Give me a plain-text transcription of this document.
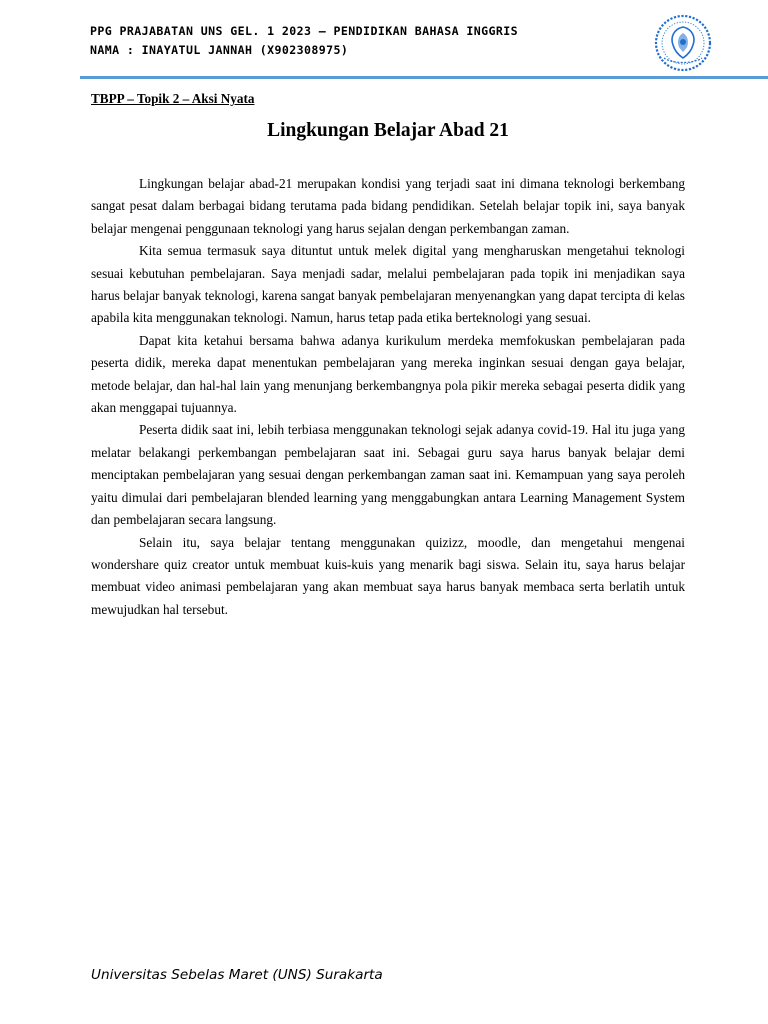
PPG PRAJABATAN UNS GEL. 1 2023 – PENDIDIKAN BAHASA INGGRIS
NAMA : INAYATUL JANNAH (X902308975)
TBPP – Topik 2 – Aksi Nyata
Lingkungan Belajar Abad 21

Lingkungan belajar abad-21 merupakan kondisi yang terjadi saat ini dimana teknologi berkembang sangat pesat dalam berbagai bidang terutama pada bidang pendidikan. Setelah belajar topik ini, saya banyak belajar mengenai penggunaan teknologi yang harus sejalan dengan perkembangan zaman.

Kita semua termasuk saya dituntut untuk melek digital yang mengharuskan mengetahui teknologi sesuai kebutuhan pembelajaran. Saya menjadi sadar, melalui pembelajaran pada topik ini menjadikan saya harus belajar banyak teknologi, karena sangat banyak pembelajaran menyenangkan yang dapat tercipta di kelas apabila kita menggunakan teknologi. Namun, harus tetap pada etika berteknologi yang sesuai.

Dapat kita ketahui bersama bahwa adanya kurikulum merdeka memfokuskan pembelajaran pada peserta didik, mereka dapat menentukan pembelajaran yang mereka inginkan sesuai dengan gaya belajar, metode belajar, dan hal-hal lain yang menunjang berkembangnya pola pikir mereka sebagai peserta didik yang akan menggapai tujuannya.

Peserta didik saat ini, lebih terbiasa menggunakan teknologi sejak adanya covid-19. Hal itu juga yang melatar belakangi perkembangan pembelajaran saat ini. Sebagai guru saya harus banyak belajar demi menciptakan pembelajaran yang sesuai dengan perkembangan zaman saat ini. Kemampuan yang saya peroleh yaitu dimulai dari pembelajaran blended learning yang menggabungkan antara Learning Management System dan pembelajaran secara langsung.

Selain itu, saya belajar tentang menggunakan quizizz, moodle, dan mengetahui mengenai wondershare quiz creator untuk membuat kuis-kuis yang menarik bagi siswa. Selain itu, saya harus belajar membuat video animasi pembelajaran yang akan membuat saya harus banyak membaca serta berlatih untuk mewujudkan hal tersebut.

Universitas Sebelas Maret (UNS) Surakarta
